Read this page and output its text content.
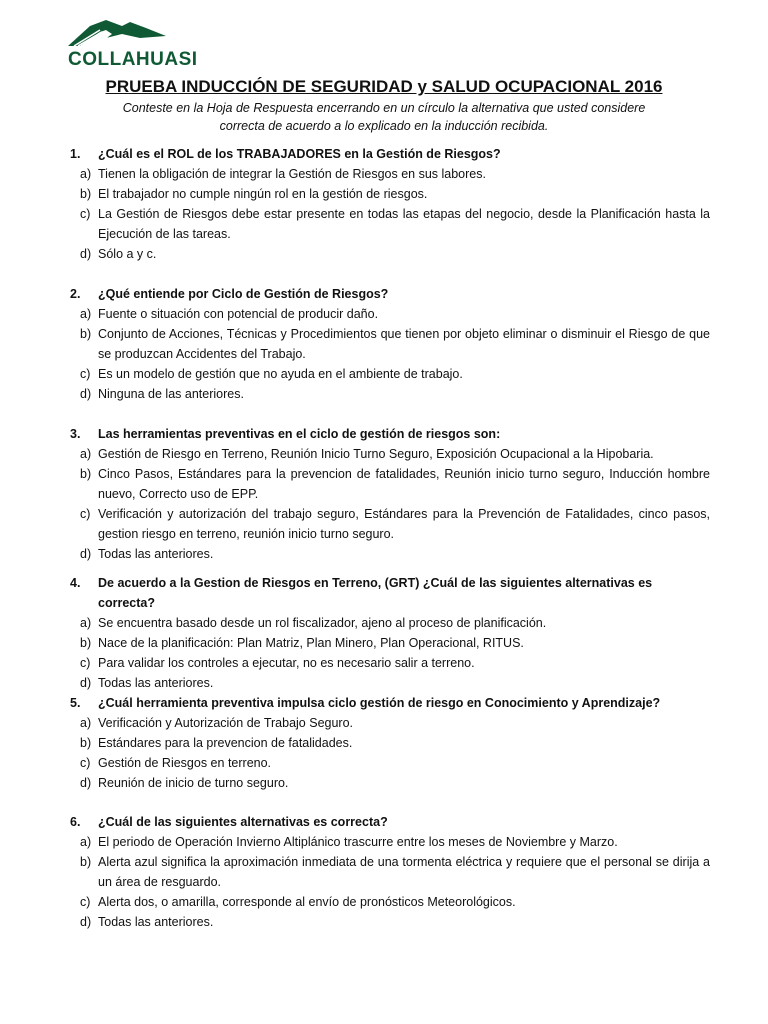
COLLAHUASI
PRUEBA INDUCCIÓN DE SEGURIDAD y SALUD OCUPACIONAL 2016
Conteste en la Hoja de Respuesta encerrando en un círculo la alternativa que usted considere
correcta de acuerdo a lo explicado en la inducción recibida.
1.	¿Cuál es el ROL de los TRABAJADORES en la Gestión de Riesgos?
a) Tienen la obligación de integrar la Gestión de Riesgos en sus labores.
b) El trabajador no cumple ningún rol en la gestión de riesgos.
c) La Gestión de Riesgos debe estar presente en todas las etapas del negocio, desde la Planificación hasta la Ejecución de las tareas.
d) Sólo a y c.
2.	¿Qué entiende por Ciclo de Gestión de Riesgos?
a) Fuente o situación con potencial de producir daño.
b) Conjunto de Acciones, Técnicas y Procedimientos que tienen por objeto eliminar o disminuir el Riesgo de que se produzcan Accidentes del Trabajo.
c) Es un modelo de gestión que no ayuda en el ambiente de trabajo.
d) Ninguna de las anteriores.
3.	Las herramientas preventivas en el ciclo de gestión de riesgos son:
a) Gestión de Riesgo en Terreno, Reunión Inicio Turno Seguro, Exposición Ocupacional a la Hipobaria.
b) Cinco Pasos, Estándares para la prevencion de fatalidades, Reunión inicio turno seguro, Inducción hombre nuevo, Correcto uso de EPP.
c) Verificación y autorización del trabajo seguro, Estándares para la Prevención de Fatalidades, cinco pasos, gestion riesgo en terreno, reunión inicio turno seguro.
d) Todas las anteriores.
4.	De acuerdo a la Gestion de Riesgos en Terreno, (GRT) ¿Cuál de las siguientes alternativas es correcta?
a) Se encuentra basado desde un rol fiscalizador, ajeno al proceso de planificación.
b) Nace de la planificación: Plan Matriz, Plan Minero, Plan Operacional, RITUS.
c) Para validar los controles a ejecutar, no es necesario salir a terreno.
d) Todas las anteriores.
5.	¿Cuál herramienta preventiva impulsa ciclo gestión de riesgo en Conocimiento y Aprendizaje?
a) Verificación y Autorización de Trabajo Seguro.
b) Estándares para la prevencion de fatalidades.
c) Gestión de Riesgos en terreno.
d) Reunión de inicio de turno seguro.
6.	¿Cuál de las siguientes alternativas es correcta?
a) El periodo de Operación Invierno Altiplánico trascurre entre los meses de Noviembre y Marzo.
b) Alerta azul significa la aproximación inmediata de una tormenta eléctrica y requiere que el personal se dirija a un área de resguardo.
c) Alerta dos, o amarilla, corresponde al envío de pronósticos Meteorológicos.
d) Todas las anteriores.
